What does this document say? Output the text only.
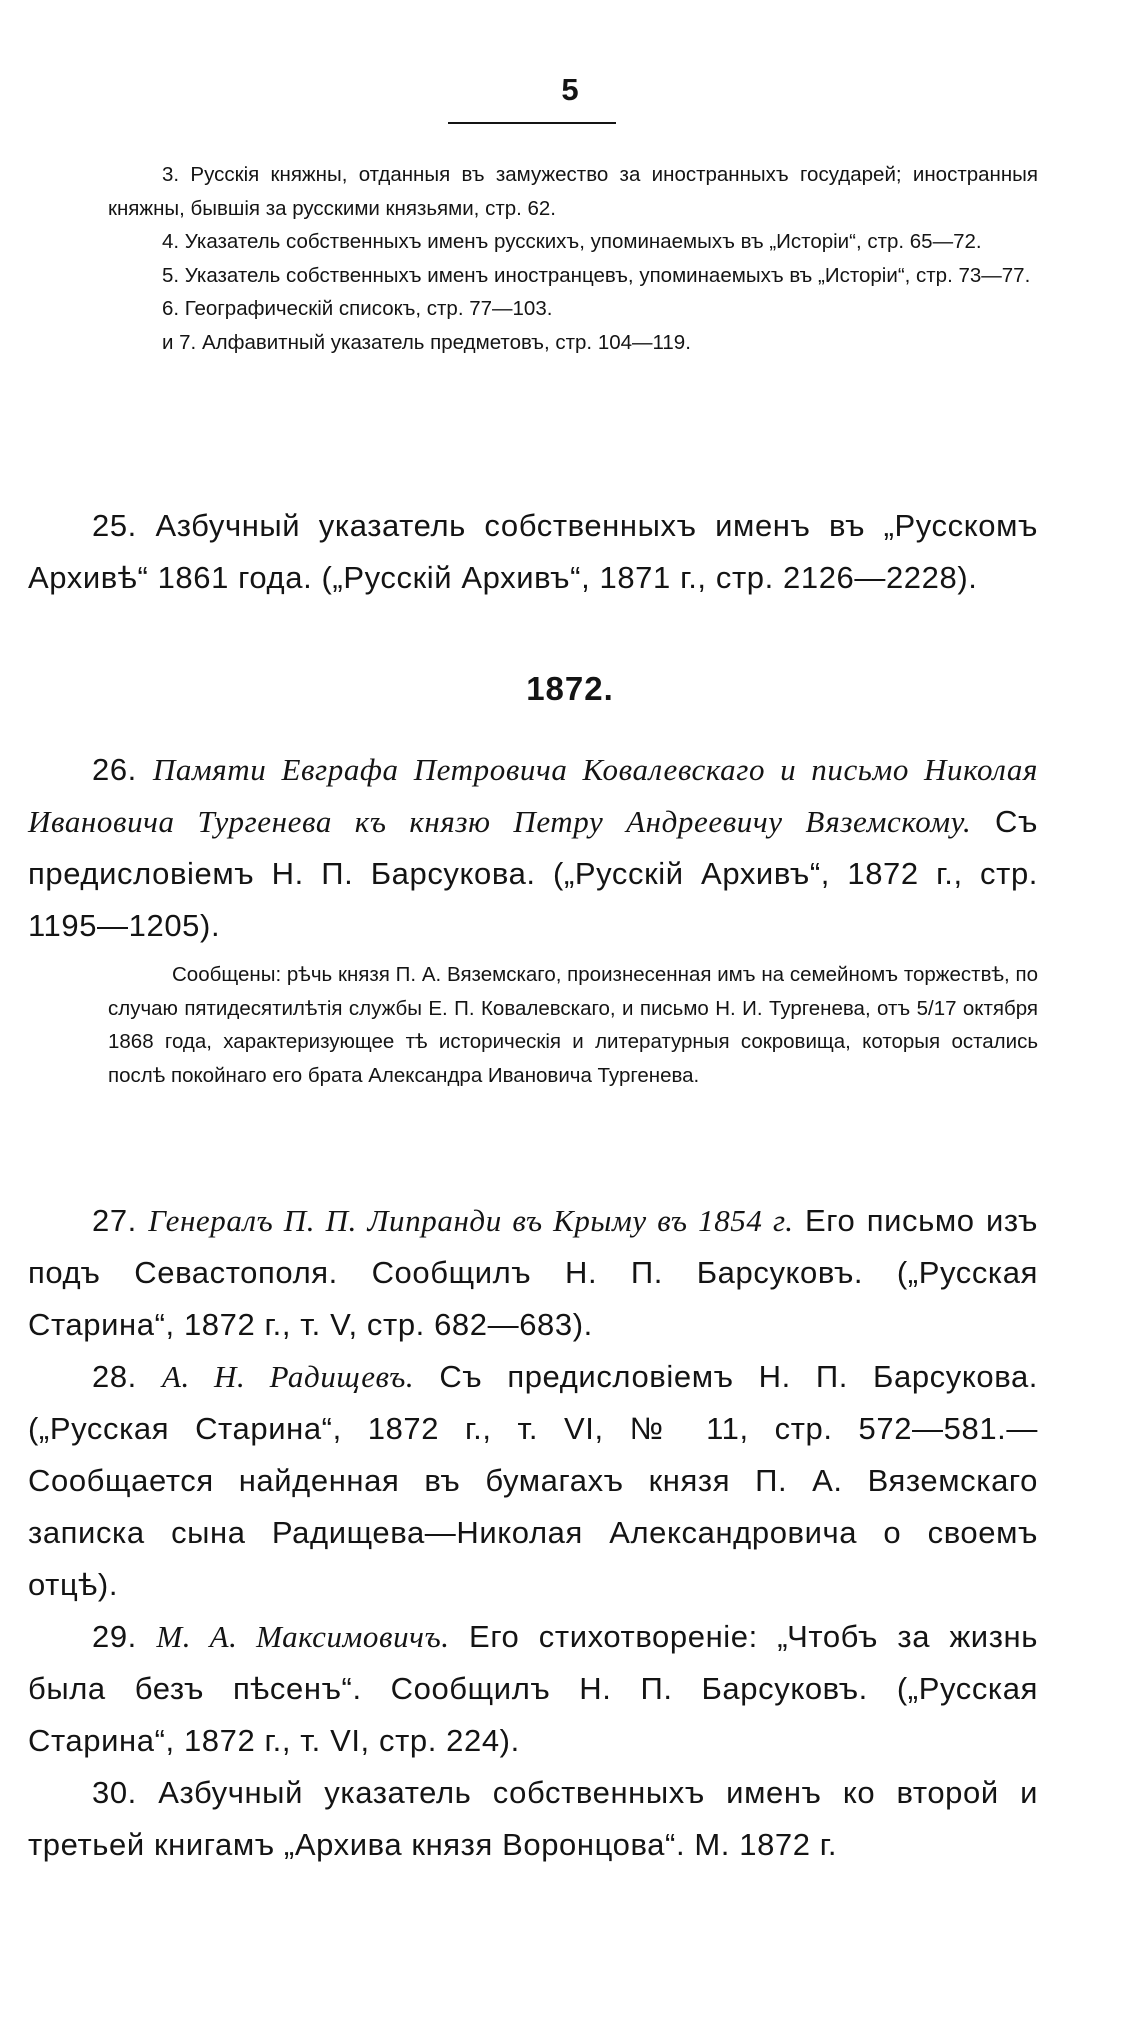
5

3. Русскія княжны, отданныя въ замужество за иностранныхъ государей; иностранныя княжны, бывшія за русскими князьями, стр. 62.

4. Указатель собственныхъ именъ русскихъ, упоминаемыхъ въ „Исторіи“, стр. 65—72.

5. Указатель собственныхъ именъ иностранцевъ, упоминаемыхъ въ „Исторіи“, стр. 73—77.

6. Географическій списокъ, стр. 77—103.

и 7. Алфавитный указатель предметовъ, стр. 104—119.

25. Азбучный указатель собственныхъ именъ въ „Русскомъ Архивѣ“ 1861 года. („Русскій Архивъ“, 1871 г., стр. 2126—2228).

1872.

26. Памяти Евграфа Петровича Ковалевскаго и письмо Николая Ивановича Тургенева къ князю Петру Андреевичу Вяземскому. Съ предисловіемъ Н. П. Барсукова. („Русскій Архивъ“, 1872 г., стр. 1195—1205).

Сообщены: рѣчь князя П. А. Вяземскаго, произнесенная имъ на семейномъ торжествѣ, по случаю пятидесятилѣтія службы Е. П. Ковалевскаго, и письмо Н. И. Тургенева, отъ 5/17 октября 1868 года, характеризующее тѣ историческія и литературныя сокровища, которыя остались послѣ покойнаго его брата Александра Ивановича Тургенева.

27. Генералъ П. П. Липранди въ Крыму въ 1854 г. Его письмо изъ подъ Севастополя. Сообщилъ Н. П. Барсуковъ. („Русская Старина“, 1872 г., т. V, стр. 682—683).

28. А. Н. Радищевъ. Съ предисловіемъ Н. П. Барсукова. („Русская Старина“, 1872 г., т. VI, № 11, стр. 572—581.— Сообщается найденная въ бумагахъ князя П. А. Вяземскаго записка сына Радищева—Николая Александровича о своемъ отцѣ).

29. М. А. Максимовичъ. Его стихотвореніе: „Чтобъ за жизнь была безъ пѣсенъ“. Сообщилъ Н. П. Барсуковъ. („Русская Старина“, 1872 г., т. VI, стр. 224).

30. Азбучный указатель собственныхъ именъ ко второй и третьей книгамъ „Архива князя Воронцова“. М. 1872 г.
